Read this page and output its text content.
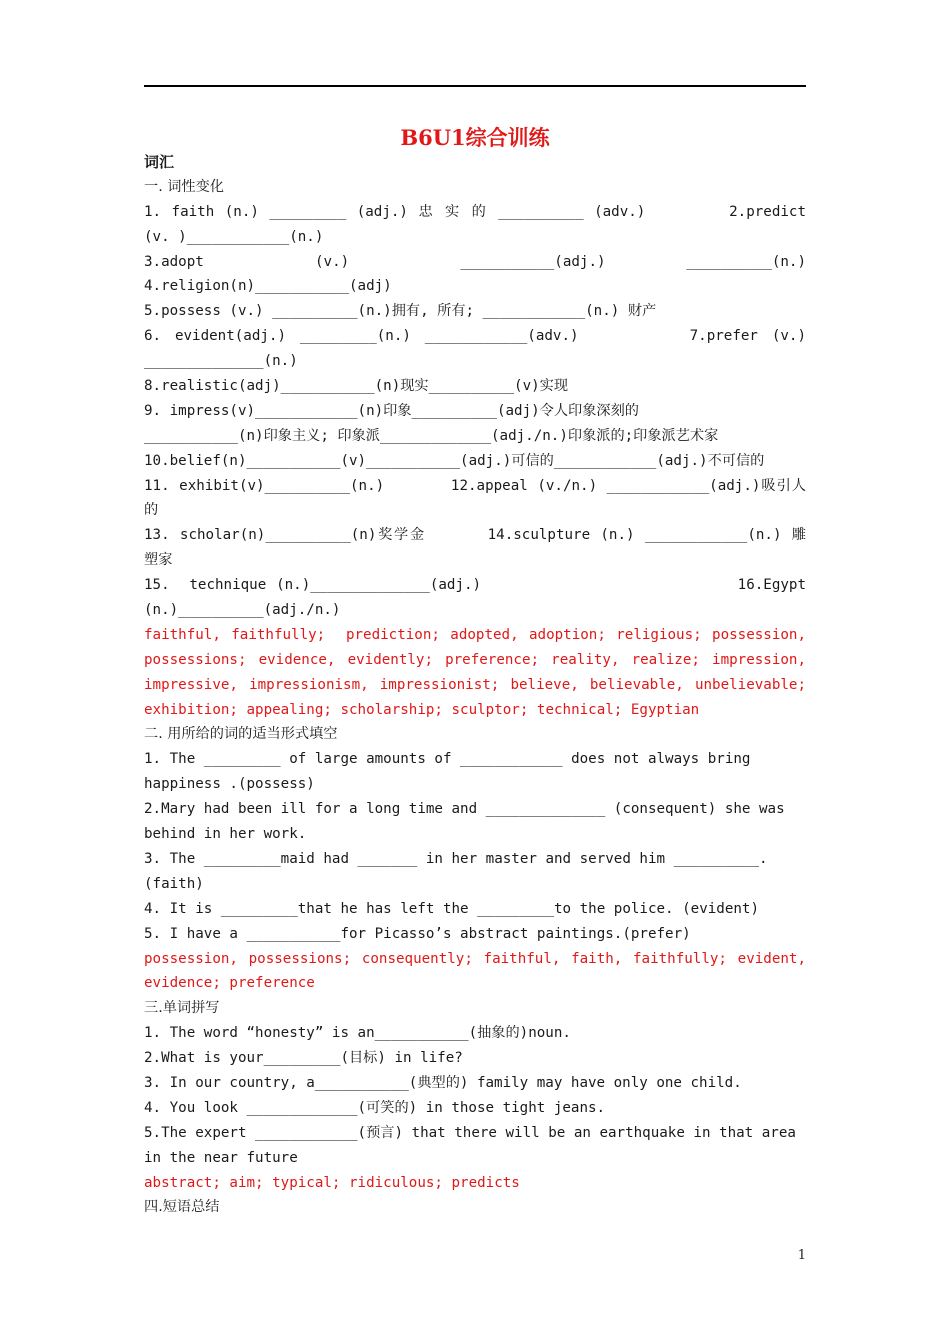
B6U1综合训练
词汇
一. 词性变化
1. faith (n.) _________ (adj.) 忠 实 的 __________ (adv.)        2.predict
(v. )____________(n.)
3.adopt           (v.)           ___________(adj.)        __________(n.)
4.religion(n)___________(adj)
5.possess (v.) __________(n.)拥有, 所有; ____________(n.) 财产
6. evident(adj.) _________(n.) ____________(adv.)        7.prefer (v.)
______________(n.)
8.realistic(adj)___________(n)现实__________(v)实现
9. impress(v)____________(n)印象__________(adj)令人印象深刻的
___________(n)印象主义; 印象派_____________(adj./n.)印象派的;印象派艺术家
10.belief(n)___________(v)___________(adj.)可信的____________(adj.)不可信的
11. exhibit(v)__________(n.)       12.appeal (v./n.) ____________(adj.)吸引人
的
13. scholar(n)__________(n)奖学金      14.sculpture (n.) ____________(n.) 雕
塑家
15.  technique (n.)______________(adj.)                          16.Egypt
(n.)__________(adj./n.)
faithful, faithfully;  prediction; adopted, adoption; religious; possession,
possessions; evidence, evidently; preference; reality, realize; impression,
impressive, impressionism, impressionist; believe, believable, unbelievable;
exhibition; appealing; scholarship; sculptor; technical; Egyptian
二. 用所给的词的适当形式填空
1. The _________ of large amounts of ____________ does not always bring
happiness .(possess)
2.Mary had been ill for a long time and ______________ (consequent) she was
behind in her work.
3. The _________maid had _______ in her master and served him __________.
(faith)
4. It is _________that he has left the _________to the police. (evident)
5. I have a ___________for Picasso’s abstract paintings.(prefer)
possession, possessions; consequently; faithful, faith, faithfully; evident,
evidence; preference
三.单词拼写
1. The word “honesty” is an___________(抽象的)noun.
2.What is your_________(目标) in life?
3. In our country, a___________(典型的) family may have only one child.
4. You look _____________(可笑的) in those tight jeans.
5.The expert ____________(预言) that there will be an earthquake in that area
in the near future
abstract; aim; typical; ridiculous; predicts
四.短语总结
1
